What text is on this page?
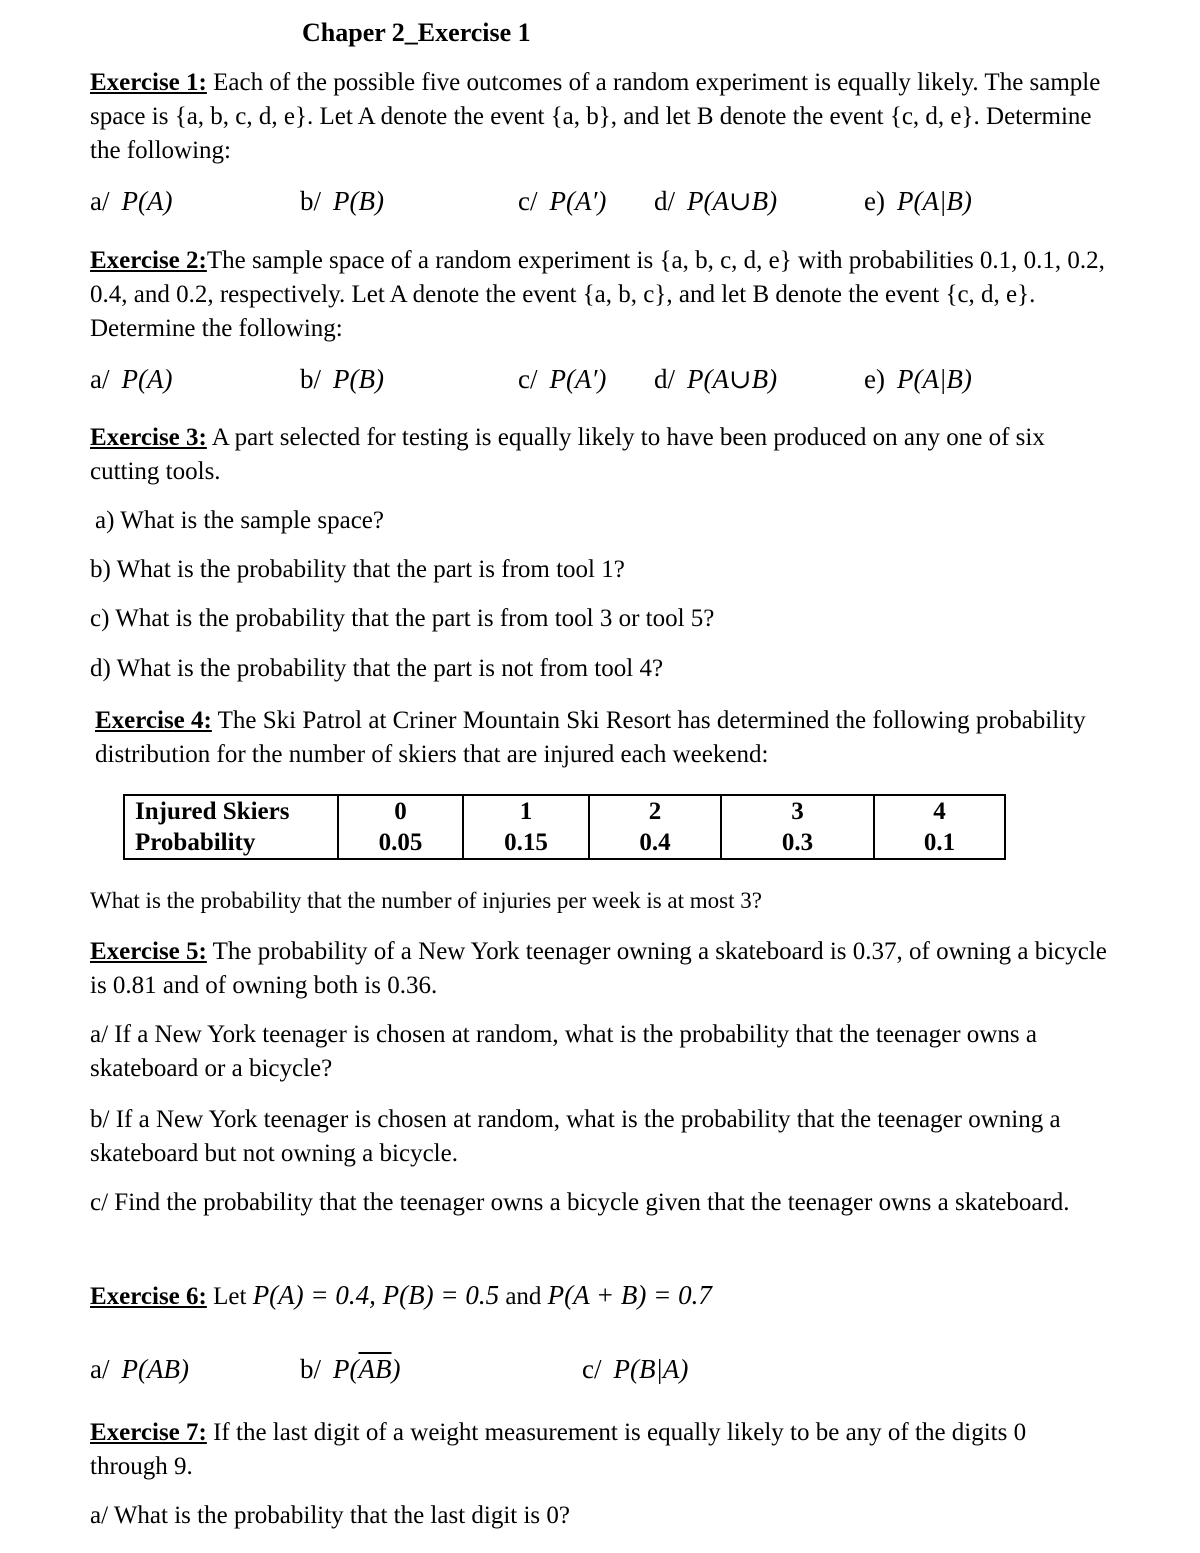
Chaper 2_Exercise 1
Exercise 1: Each of the possible five outcomes of a random experiment is equally likely. The sample space is {a, b, c, d, e}. Let A denote the event {a, b}, and let B denote the event {c, d, e}. Determine the following:
a/ P(A)	b/ P(B)	c/ P(A′) d/ P(A∪B)	e) P(A|B)
Exercise 2:The sample space of a random experiment is {a, b, c, d, e} with probabilities 0.1, 0.1, 0.2, 0.4, and 0.2, respectively. Let A denote the event {a, b, c}, and let B denote the event {c, d, e}. Determine the following:
a/ P(A)	b/ P(B)	c/ P(A′) d/ P(A∪B)	e) P(A|B)
Exercise 3: A part selected for testing is equally likely to have been produced on any one of six cutting tools.
a) What is the sample space?
b) What is the probability that the part is from tool 1?
c) What is the probability that the part is from tool 3 or tool 5?
d) What is the probability that the part is not from tool 4?
Exercise 4: The Ski Patrol at Criner Mountain Ski Resort has determined the following probability distribution for the number of skiers that are injured each weekend:
Injured Skiers	0	1	2	3	4
Probability	0.05	0.15	0.4	0.3	0.1
What is the probability that the number of injuries per week is at most 3?
Exercise 5: The probability of a New York teenager owning a skateboard is 0.37, of owning a bicycle is 0.81 and of owning both is 0.36.
a/ If a New York teenager is chosen at random, what is the probability that the teenager owns a skateboard or a bicycle?
b/ If a New York teenager is chosen at random, what is the probability that the teenager owning a skateboard but not owning a bicycle.
c/ Find the probability that the teenager owns a bicycle given that the teenager owns a skateboard.
Exercise 6: Let P(A) = 0.4, P(B) = 0.5 and P(A + B) = 0.7
a/ P(AB)	b/ $P(\overline{AB})$	c/ P(B|A)
Exercise 7: If the last digit of a weight measurement is equally likely to be any of the digits 0 through 9.
a/ What is the probability that the last digit is 0?
